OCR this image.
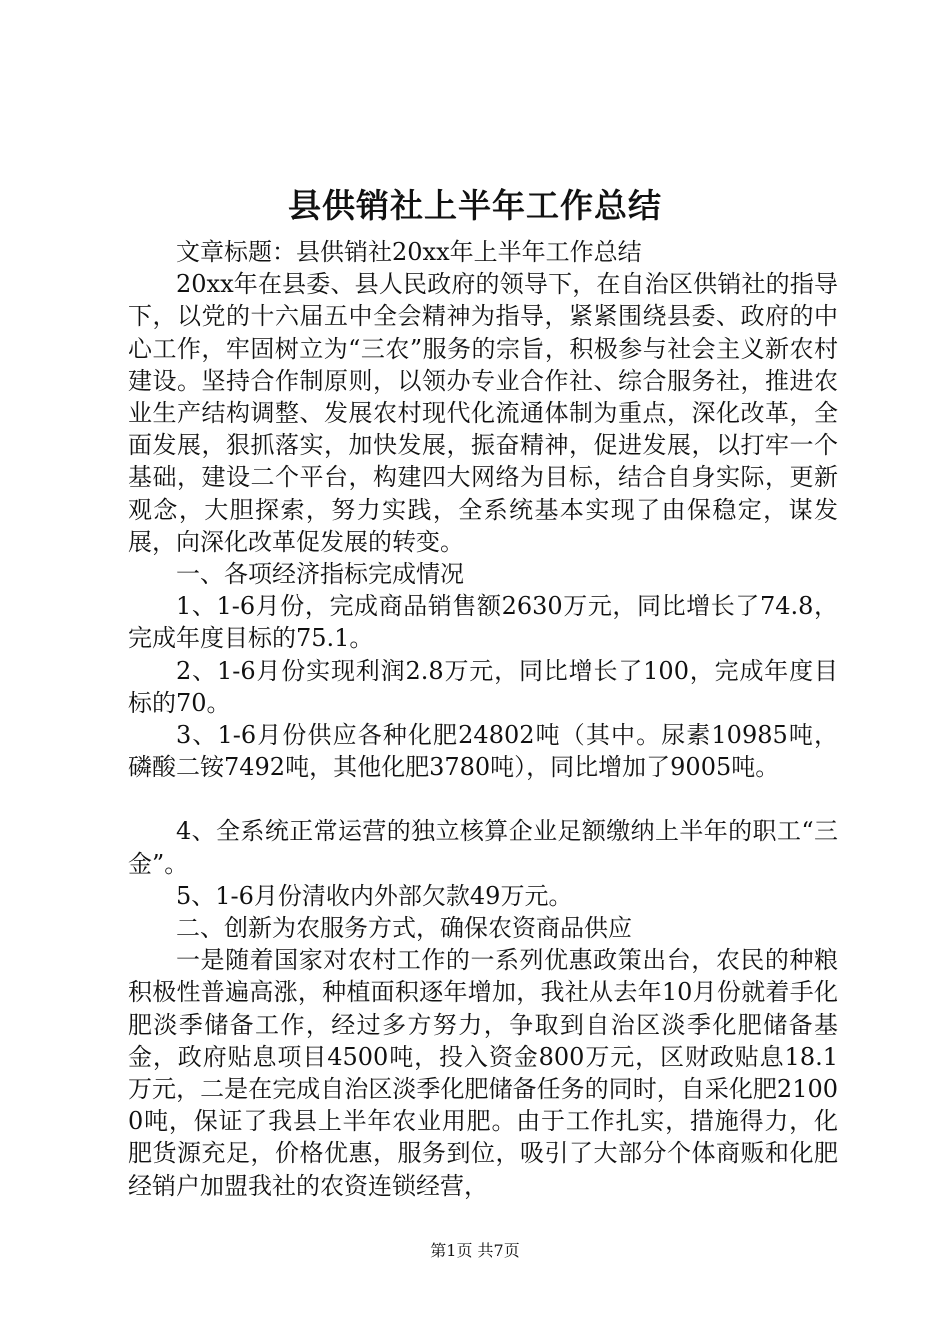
县供销社上半年工作总结

文章标题：县供销社20xx年上半年工作总结

20xx年在县委、县人民政府的领导下，在自治区供销社的指导下，以党的十六届五中全会精神为指导，紧紧围绕县委、政府的中心工作，牢固树立为“三农”服务的宗旨，积极参与社会主义新农村建设。坚持合作制原则，以领办专业合作社、综合服务社，推进农业生产结构调整、发展农村现代化流通体制为重点，深化改革，全面发展，狠抓落实，加快发展，振奋精神，促进发展，以打牢一个基础，建设二个平台，构建四大网络为目标，结合自身实际，更新观念，大胆探索，努力实践，全系统基本实现了由保稳定，谋发展，向深化改革促发展的转变。

一、各项经济指标完成情况

1、1-6月份，完成商品销售额2630万元，同比增长了74.8，完成年度目标的75.1。

2、1-6月份实现利润2.8万元，同比增长了100，完成年度目标的70。

3、1-6月份供应各种化肥24802吨（其中。尿素10985吨，磷酸二铵7492吨，其他化肥3780吨），同比增加了9005吨。

4、全系统正常运营的独立核算企业足额缴纳上半年的职工“三金”。

5、1-6月份清收内外部欠款49万元。

二、创新为农服务方式，确保农资商品供应

一是随着国家对农村工作的一系列优惠政策出台，农民的种粮积极性普遍高涨，种植面积逐年增加，我社从去年10月份就着手化肥淡季储备工作，经过多方努力，争取到自治区淡季化肥储备基金，政府贴息项目4500吨，投入资金800万元，区财政贴息18.1万元，二是在完成自治区淡季化肥储备任务的同时，自采化肥21000吨，保证了我县上半年农业用肥。由于工作扎实，措施得力，化肥货源充足，价格优惠，服务到位，吸引了大部分个体商贩和化肥经销户加盟我社的农资连锁经营，

第1页 共7页
